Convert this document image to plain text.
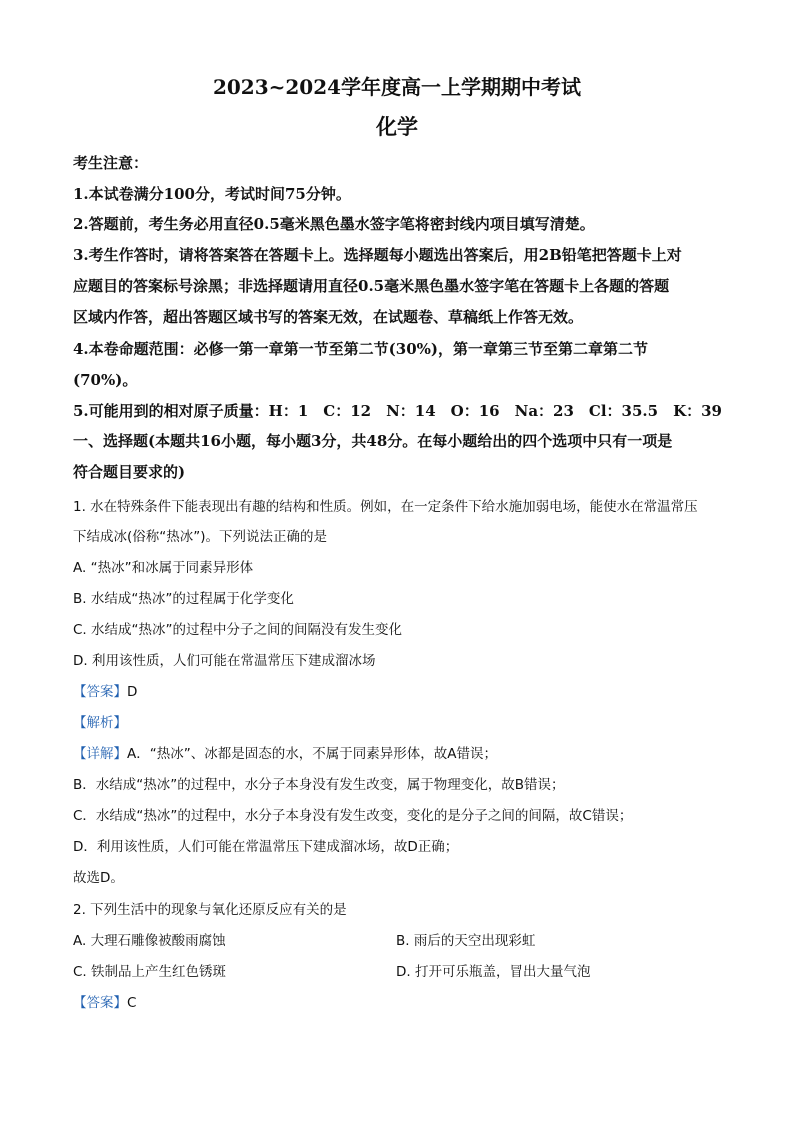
2023~2024学年度高一上学期期中考试
化学
考生注意：
1.本试卷满分100分，考试时间75分钟。
2.答题前，考生务必用直径0.5毫米黑色墨水签字笔将密封线内项目填写清楚。
3.考生作答时，请将答案答在答题卡上。选择题每小题选出答案后，用2B铅笔把答题卡上对
应题目的答案标号涂黑；非选择题请用直径0.5毫米黑色墨水签字笔在答题卡上各题的答题
区域内作答，超出答题区域书写的答案无效，在试题卷、草稿纸上作答无效。
4.本卷命题范围：必修一第一章第一节至第二节(30%)，第一章第三节至第二章第二节
(70%)。
5.可能用到的相对原子质量：H：1　C：12　N：14　O：16　Na：23　Cl：35.5　K：39
一、选择题(本题共16小题，每小题3分，共48分。在每小题给出的四个选项中只有一项是
符合题目要求的)
1. 水在特殊条件下能表现出有趣的结构和性质。例如，在一定条件下给水施加弱电场，能使水在常温常压
下结成冰(俗称“热冰”)。下列说法正确的是
A. “热冰”和冰属于同素异形体
B. 水结成“热冰”的过程属于化学变化
C. 水结成“热冰”的过程中分子之间的间隔没有发生变化
D. 利用该性质，人们可能在常温常压下建成溜冰场
【答案】D
【解析】
【详解】A．“热冰”、冰都是固态的水，不属于同素异形体，故A错误；
B．水结成“热冰”的过程中，水分子本身没有发生改变，属于物理变化，故B错误；
C．水结成“热冰”的过程中，水分子本身没有发生改变，变化的是分子之间的间隔，故C错误；
D．利用该性质，人们可能在常温常压下建成溜冰场，故D正确；
故选D。
2. 下列生活中的现象与氧化还原反应有关的是
A. 大理石雕像被酸雨腐蚀	B. 雨后的天空出现彩虹
C. 铁制品上产生红色锈斑	D. 打开可乐瓶盖，冒出大量气泡
【答案】C
